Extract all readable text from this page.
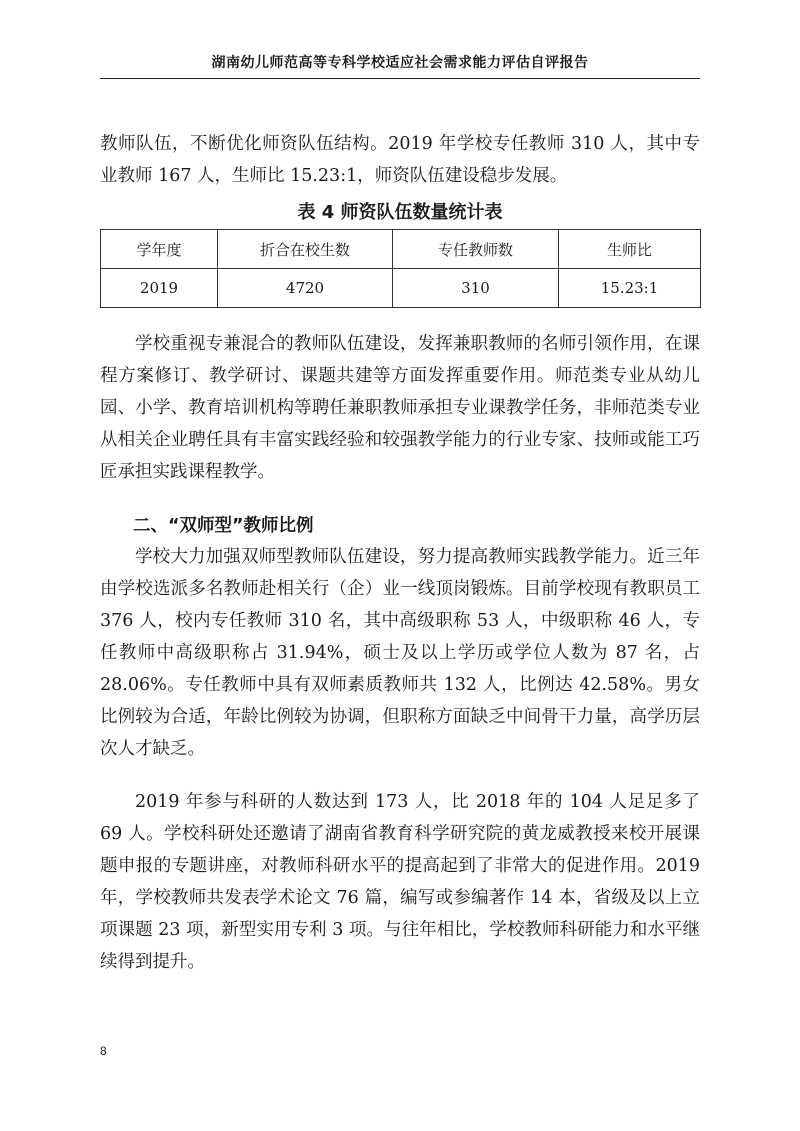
湖南幼儿师范高等专科学校适应社会需求能力评估自评报告

教师队伍，不断优化师资队伍结构。2019 年学校专任教师 310 人，其中专业教师 167 人，生师比 15.23:1，师资队伍建设稳步发展。

表 4 师资队伍数量统计表
学年度	折合在校生数	专任教师数	生师比
2019	4720	310	15.23:1

学校重视专兼混合的教师队伍建设，发挥兼职教师的名师引领作用，在课程方案修订、教学研讨、课题共建等方面发挥重要作用。师范类专业从幼儿园、小学、教育培训机构等聘任兼职教师承担专业课教学任务，非师范类专业从相关企业聘任具有丰富实践经验和较强教学能力的行业专家、技师或能工巧匠承担实践课程教学。

二、“双师型”教师比例

学校大力加强双师型教师队伍建设，努力提高教师实践教学能力。近三年由学校选派多名教师赴相关行（企）业一线顶岗锻炼。目前学校现有教职员工 376 人，校内专任教师 310 名，其中高级职称 53 人，中级职称 46 人，专任教师中高级职称占 31.94%，硕士及以上学历或学位人数为 87 名，占 28.06%。专任教师中具有双师素质教师共 132 人，比例达 42.58%。男女比例较为合适，年龄比例较为协调，但职称方面缺乏中间骨干力量，高学历层次人才缺乏。

2019 年参与科研的人数达到 173 人，比 2018 年的 104 人足足多了 69 人。学校科研处还邀请了湖南省教育科学研究院的黄龙威教授来校开展课题申报的专题讲座，对教师科研水平的提高起到了非常大的促进作用。2019 年，学校教师共发表学术论文 76 篇，编写或参编著作 14 本，省级及以上立项课题 23 项，新型实用专利 3 项。与往年相比，学校教师科研能力和水平继续得到提升。

8
